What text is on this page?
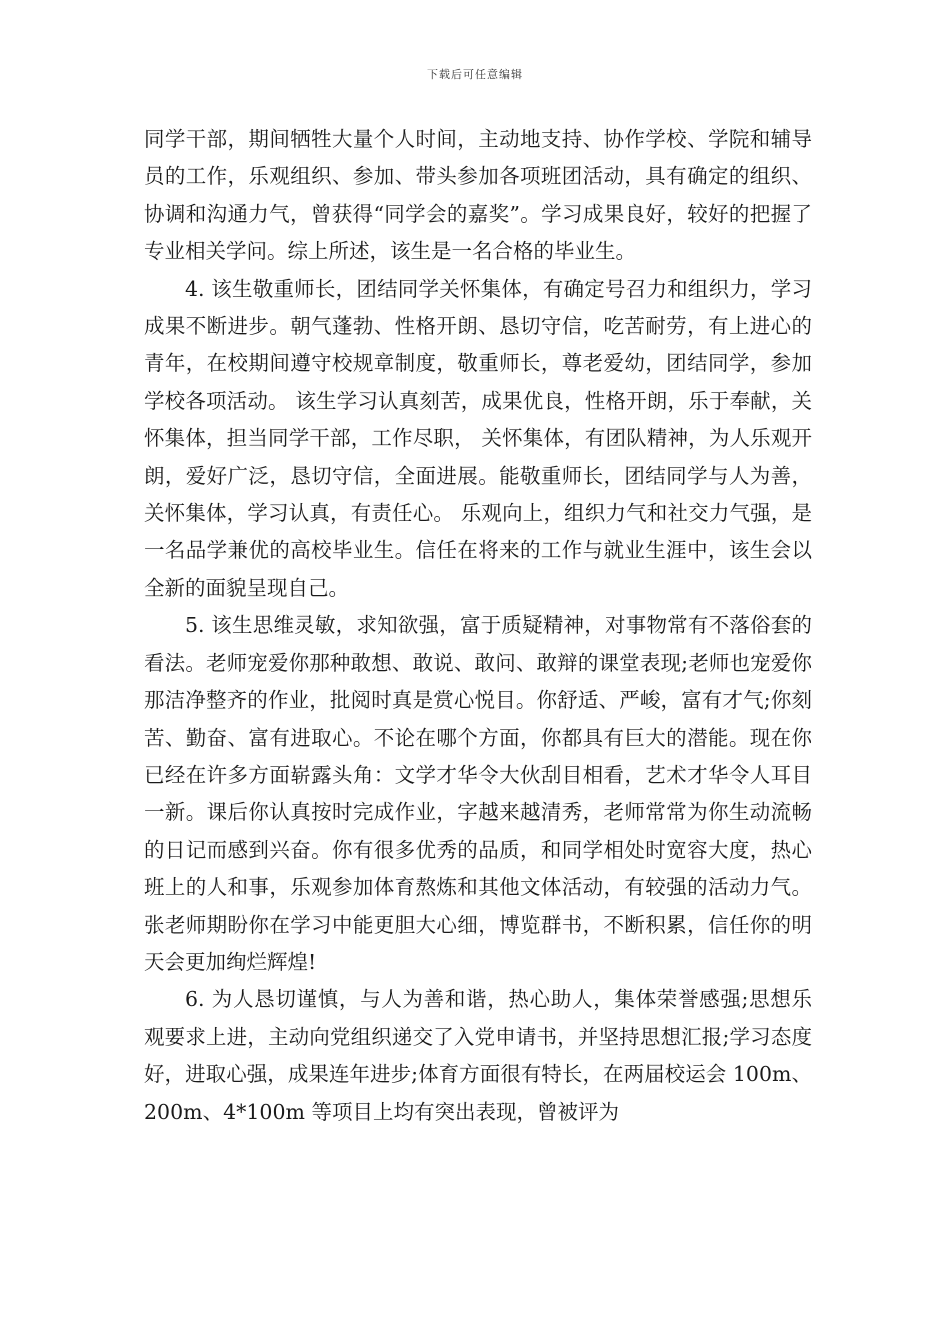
下载后可任意编辑

同学干部，期间牺牲大量个人时间，主动地支持、协作学校、学院和辅导员的工作，乐观组织、参加、带头参加各项班团活动，具有确定的组织、协调和沟通力气，曾获得“同学会的嘉奖”。学习成果良好，较好的把握了专业相关学问。综上所述，该生是一名合格的毕业生。

4. 该生敬重师长，团结同学关怀集体，有确定号召力和组织力，学习成果不断进步。朝气蓬勃、性格开朗、恳切守信，吃苦耐劳，有上进心的青年，在校期间遵守校规章制度，敬重师长，尊老爱幼，团结同学，参加学校各项活动。 该生学习认真刻苦，成果优良，性格开朗，乐于奉献，关怀集体，担当同学干部，工作尽职， 关怀集体，有团队精神，为人乐观开朗，爱好广泛，恳切守信，全面进展。能敬重师长，团结同学与人为善，关怀集体，学习认真，有责任心。 乐观向上，组织力气和社交力气强，是一名品学兼优的高校毕业生。信任在将来的工作与就业生涯中，该生会以全新的面貌呈现自己。

5. 该生思维灵敏，求知欲强，富于质疑精神，对事物常有不落俗套的看法。老师宠爱你那种敢想、敢说、敢问、敢辩的课堂表现;老师也宠爱你那洁净整齐的作业，批阅时真是赏心悦目。你舒适、严峻，富有才气;你刻苦、勤奋、富有进取心。不论在哪个方面，你都具有巨大的潜能。现在你已经在许多方面崭露头角：文学才华令大伙刮目相看，艺术才华令人耳目一新。课后你认真按时完成作业，字越来越清秀，老师常常为你生动流畅的日记而感到兴奋。你有很多优秀的品质，和同学相处时宽容大度，热心班上的人和事，乐观参加体育熬炼和其他文体活动，有较强的活动力气。张老师期盼你在学习中能更胆大心细，博览群书，不断积累，信任你的明天会更加绚烂辉煌!

6. 为人恳切谨慎，与人为善和谐，热心助人，集体荣誉感强;思想乐观要求上进，主动向党组织递交了入党申请书，并坚持思想汇报;学习态度好，进取心强，成果连年进步;体育方面很有特长，在两届校运会 100m、200m、4*100m 等项目上均有突出表现，曾被评为
